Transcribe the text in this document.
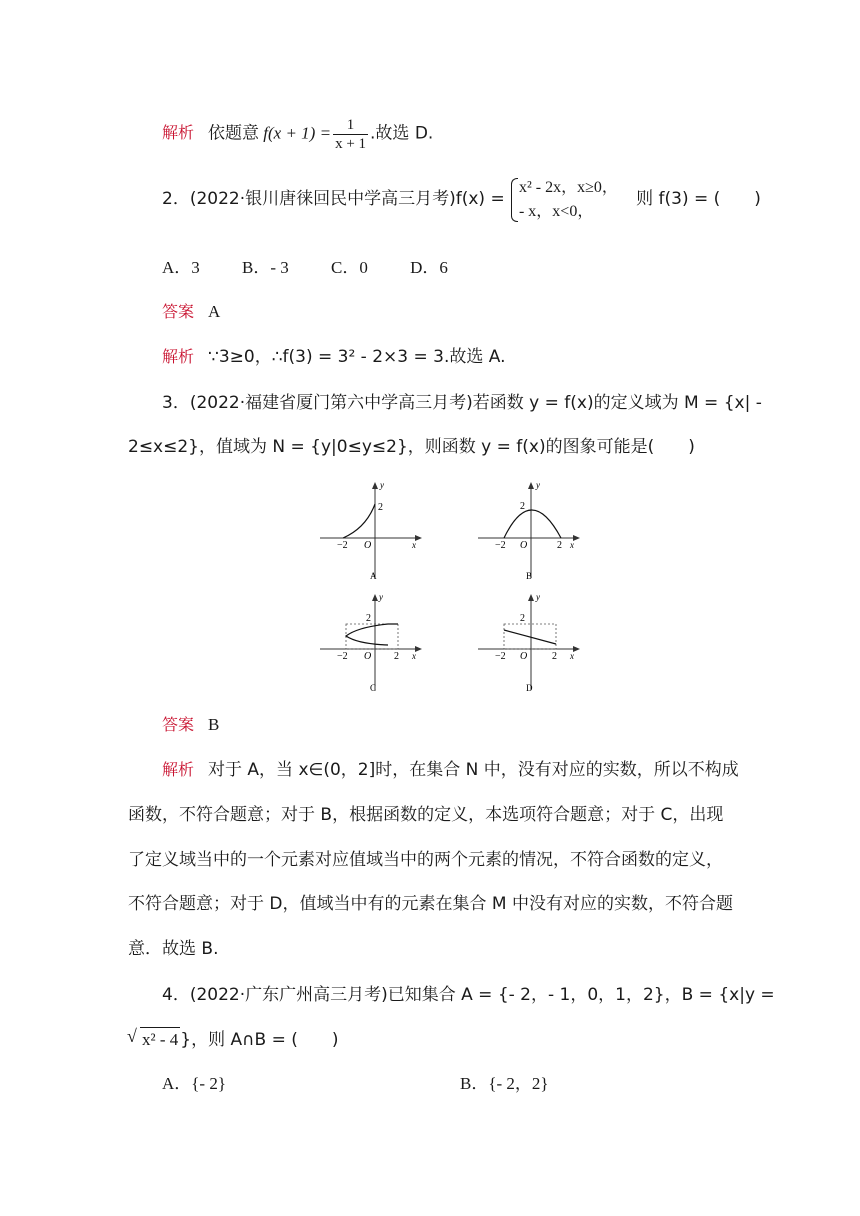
解析 依题意 $f(x + 1) = \frac{1}{x + 1}$ .故选 D.
2．(2022·银川唐徕回民中学高三月考)f(x) =
x² - 2x，x≥0，
- x，x<0，
则 f(3) = (　　)
A．3 B．- 3 C．0 D．6
答案 A
解析 ∵3≥0，∴f(3) = 3² - 2×3 = 3.故选 A.
3．(2022·福建省厦门第六中学高三月考)若函数 y = f(x)的定义域为 M = {x| -
2≤x≤2}，值域为 N = {y|0≤y≤2}，则函数 y = f(x)的图象可能是(　　)
y
x
2
−2 O
A
y
x
2
−2 O	2
B
y
x
2
−2 O 2
C
y
x
2
−2 O 2
D
答案 B
解析 对于 A，当 x∈(0，2]时，在集合 N 中，没有对应的实数，所以不构成
函数，不符合题意；对于 B，根据函数的定义，本选项符合题意；对于 C，出现
了定义域当中的一个元素对应值域当中的两个元素的情况，不符合函数的定义，
不符合题意；对于 D，值域当中有的元素在集合 M 中没有对应的实数，不符合题
意．故选 B.
4．(2022·广东广州高三月考)已知集合 A = {- 2，- 1，0，1，2}，B = {x|y =
√ x² - 4 }，则 A∩B = (　　)
A．{- 2}	B．{- 2，2}
